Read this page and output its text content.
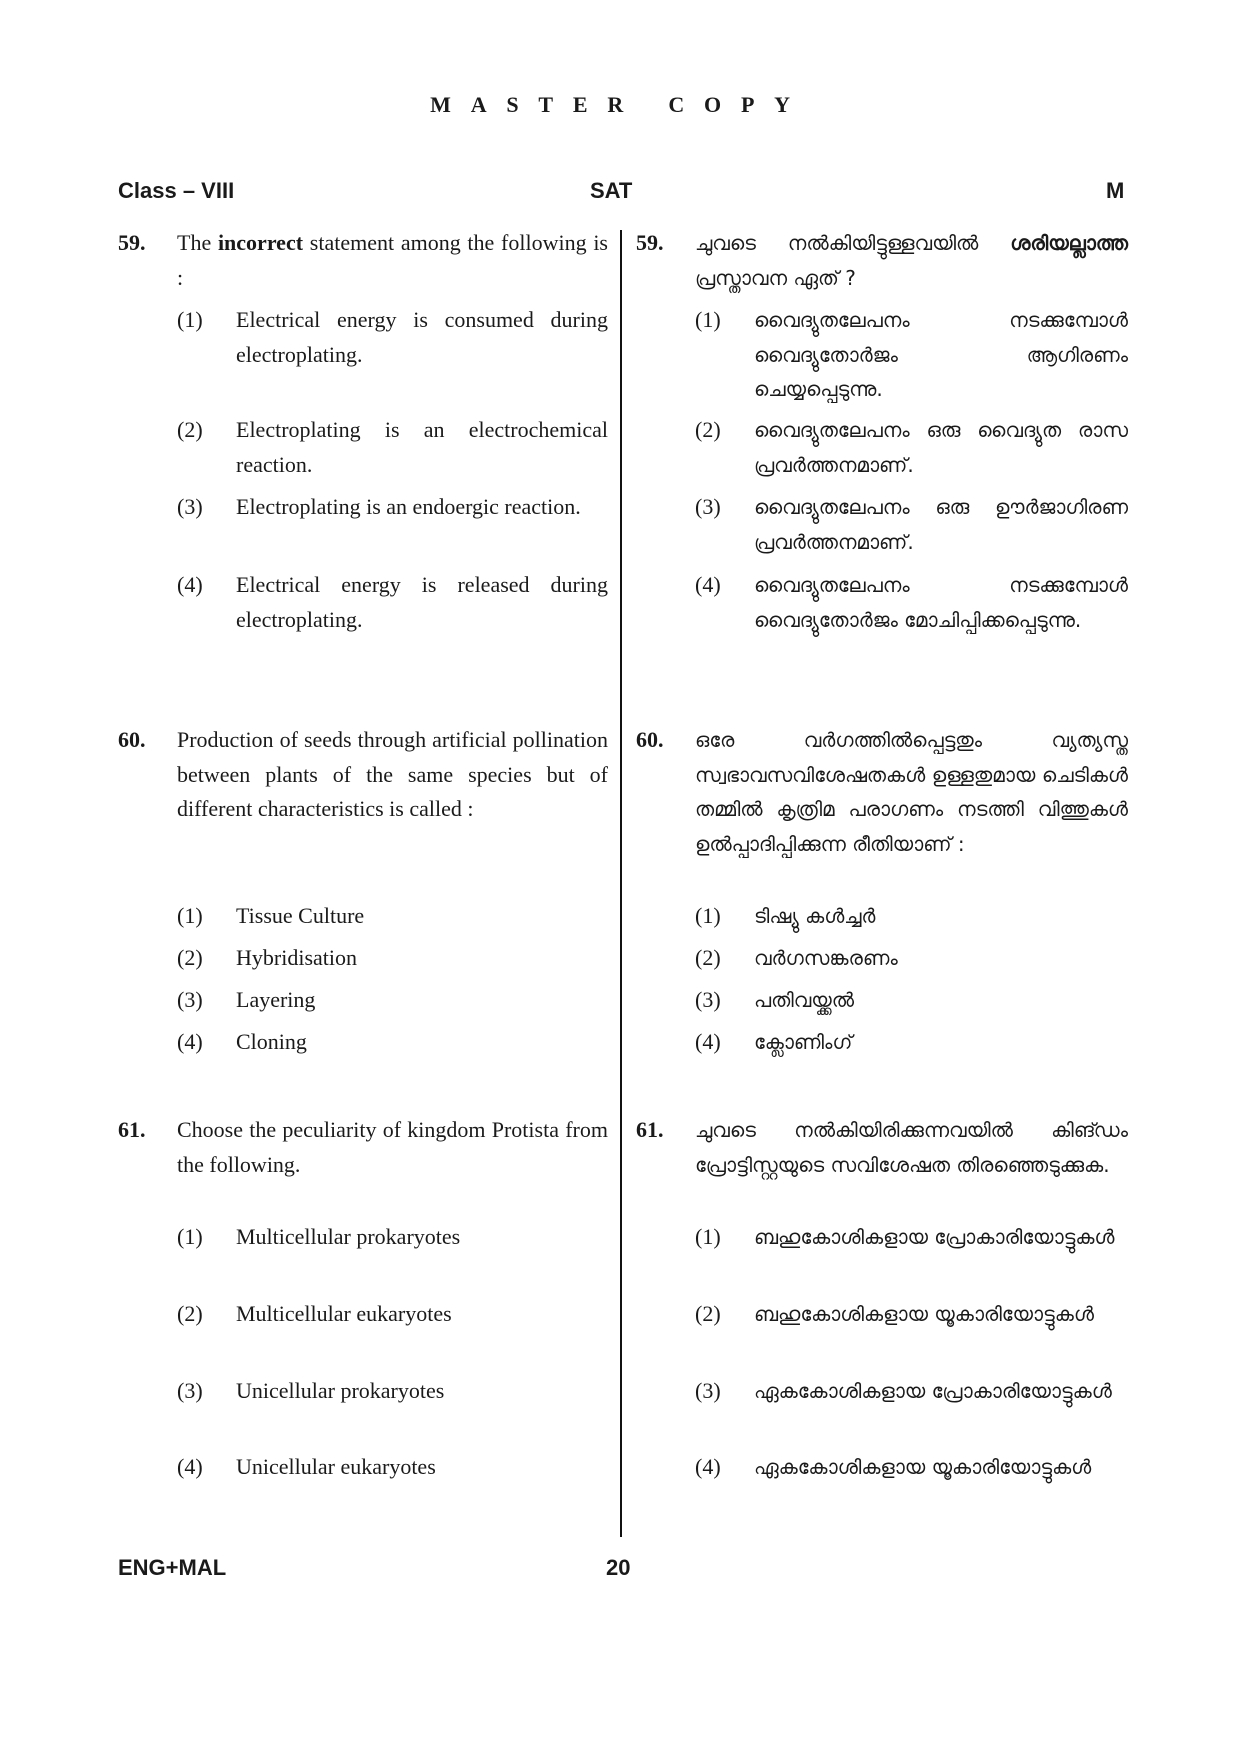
MASTER COPY
Class – VIII	SAT	M
59. The incorrect statement among the following is :
(1) Electrical energy is consumed during electroplating.
(2) Electroplating is an electrochemical reaction.
(3) Electroplating is an endoergic reaction.
(4) Electrical energy is released during electroplating.
60. Production of seeds through artificial pollination between plants of the same species but of different characteristics is called :
(1) Tissue Culture
(2) Hybridisation
(3) Layering
(4) Cloning
61. Choose the peculiarity of kingdom Protista from the following.
(1) Multicellular prokaryotes
(2) Multicellular eukaryotes
(3) Unicellular prokaryotes
(4) Unicellular eukaryotes
59. ചുവടെ നൽകിയിട്ടുള്ളവയിൽ ശരിയല്ലാത്ത പ്രസ്താവന ഏത് ?
(1) വൈദ്യുതലേപനം നടക്കുമ്പോൾ വൈദ്യുതോർജം ആഗിരണം ചെയ്യപ്പെടുന്നു.
(2) വൈദ്യുതലേപനം ഒരു വൈദ്യുത രാസ പ്രവർത്തനമാണ്.
(3) വൈദ്യുതലേപനം ഒരു ഊർജാഗിരണ പ്രവർത്തനമാണ്.
(4) വൈദ്യുതലേപനം നടക്കുമ്പോൾ വൈദ്യുതോർജം മോചിപ്പിക്കപ്പെടുന്നു.
60. ഒരേ വർഗത്തിൽപ്പെട്ടതും വ്യത്യസ്ത സ്വഭാവസവിശേഷതകൾ ഉള്ളതുമായ ചെടികൾ തമ്മിൽ കൃത്രിമ പരാഗണം നടത്തി വിത്തുകൾ ഉൽപ്പാദിപ്പിക്കുന്ന രീതിയാണ് :
(1) ടിഷ്യു കൾച്ചർ
(2) വർഗസങ്കരണം
(3) പതിവയ്ക്കൽ
(4) ക്ലോണിംഗ്
61. ചുവടെ നൽകിയിരിക്കുന്നവയിൽ കിങ്ഡം പ്രോട്ടിസ്റ്റയുടെ സവിശേഷത തിരഞ്ഞെടുക്കുക.
(1) ബഹുകോശികളായ പ്രോകാരിയോട്ടുകൾ
(2) ബഹുകോശികളായ യൂകാരിയോട്ടുകൾ
(3) ഏകകോശികളായ പ്രോകാരിയോട്ടുകൾ
(4) ഏകകോശികളായ യൂകാരിയോട്ടുകൾ
ENG+MAL	20
